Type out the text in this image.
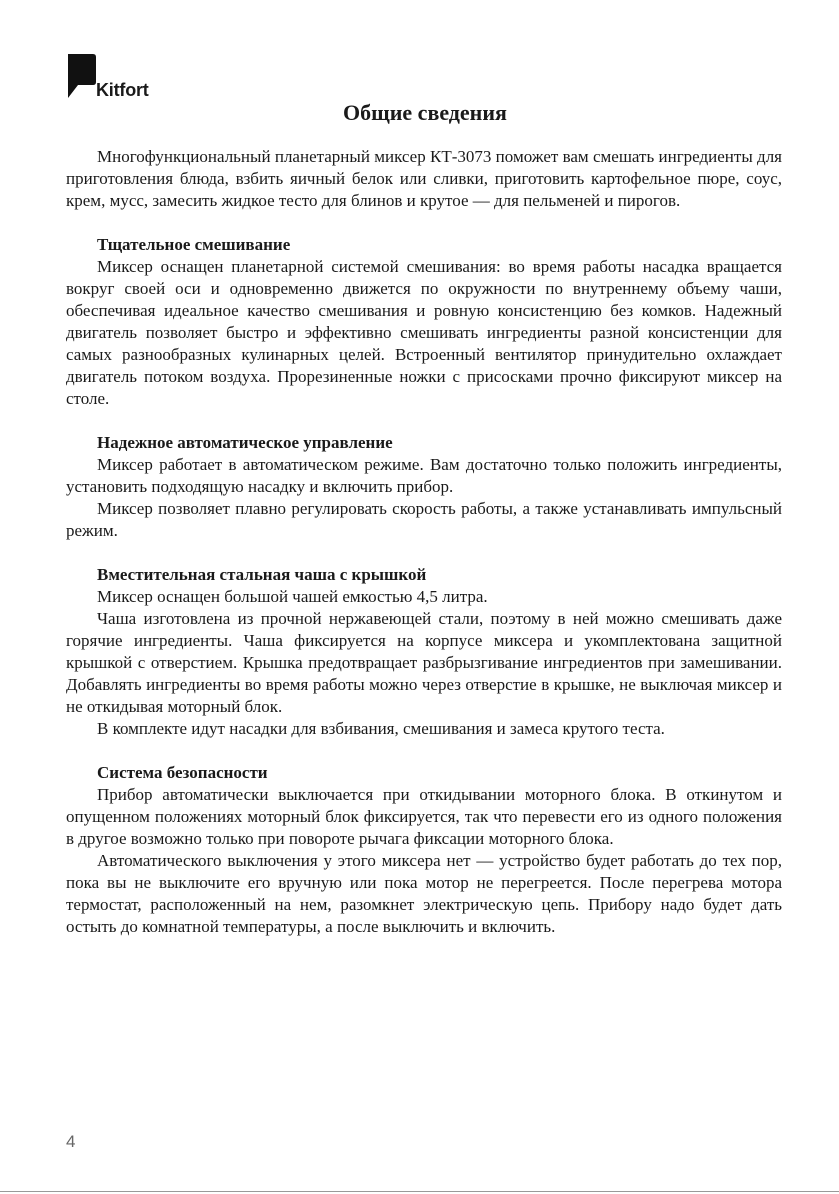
Kitfort
Общие сведения

Многофункциональный планетарный миксер КТ-3073 поможет вам смешать ингредиенты для приготовления блюда, взбить яичный белок или сливки, приготовить картофельное пюре, соус, крем, мусс, замесить жидкое тесто для блинов и крутое — для пельменей и пирогов.

Тщательное смешивание

Миксер оснащен планетарной системой смешивания: во время работы насадка вращается вокруг своей оси и одновременно движется по окружности по внутреннему объему чаши, обеспечивая идеальное качество смешивания и ровную консистенцию без комков. Надежный двигатель позволяет быстро и эффективно смешивать ингредиенты разной консистенции для самых разнообразных кулинарных целей. Встроенный вентилятор принудительно охлаждает двигатель потоком воздуха. Прорезиненные ножки с присосками прочно фиксируют миксер на столе.

Надежное автоматическое управление

Миксер работает в автоматическом режиме. Вам достаточно только положить ингредиенты, установить подходящую насадку и включить прибор.

Миксер позволяет плавно регулировать скорость работы, а также устанавливать импульсный режим.

Вместительная стальная чаша с крышкой

Миксер оснащен большой чашей емкостью 4,5 литра.

Чаша изготовлена из прочной нержавеющей стали, поэтому в ней можно смешивать даже горячие ингредиенты. Чаша фиксируется на корпусе миксера и укомплектована защитной крышкой с отверстием. Крышка предотвращает разбрызгивание ингредиентов при замешивании. Добавлять ингредиенты во время работы можно через отверстие в крышке, не выключая миксер и не откидывая моторный блок.

В комплекте идут насадки для взбивания, смешивания и замеса крутого теста.

Система безопасности

Прибор автоматически выключается при откидывании моторного блока. В откинутом и опущенном положениях моторный блок фиксируется, так что перевести его из одного положения в другое возможно только при повороте рычага фиксации моторного блока.

Автоматического выключения у этого миксера нет — устройство будет работать до тех пор, пока вы не выключите его вручную или пока мотор не перегреется. После перегрева мотора термостат, расположенный на нем, разомкнет электрическую цепь. Прибору надо будет дать остыть до комнатной температуры, а после выключить и включить.

4
